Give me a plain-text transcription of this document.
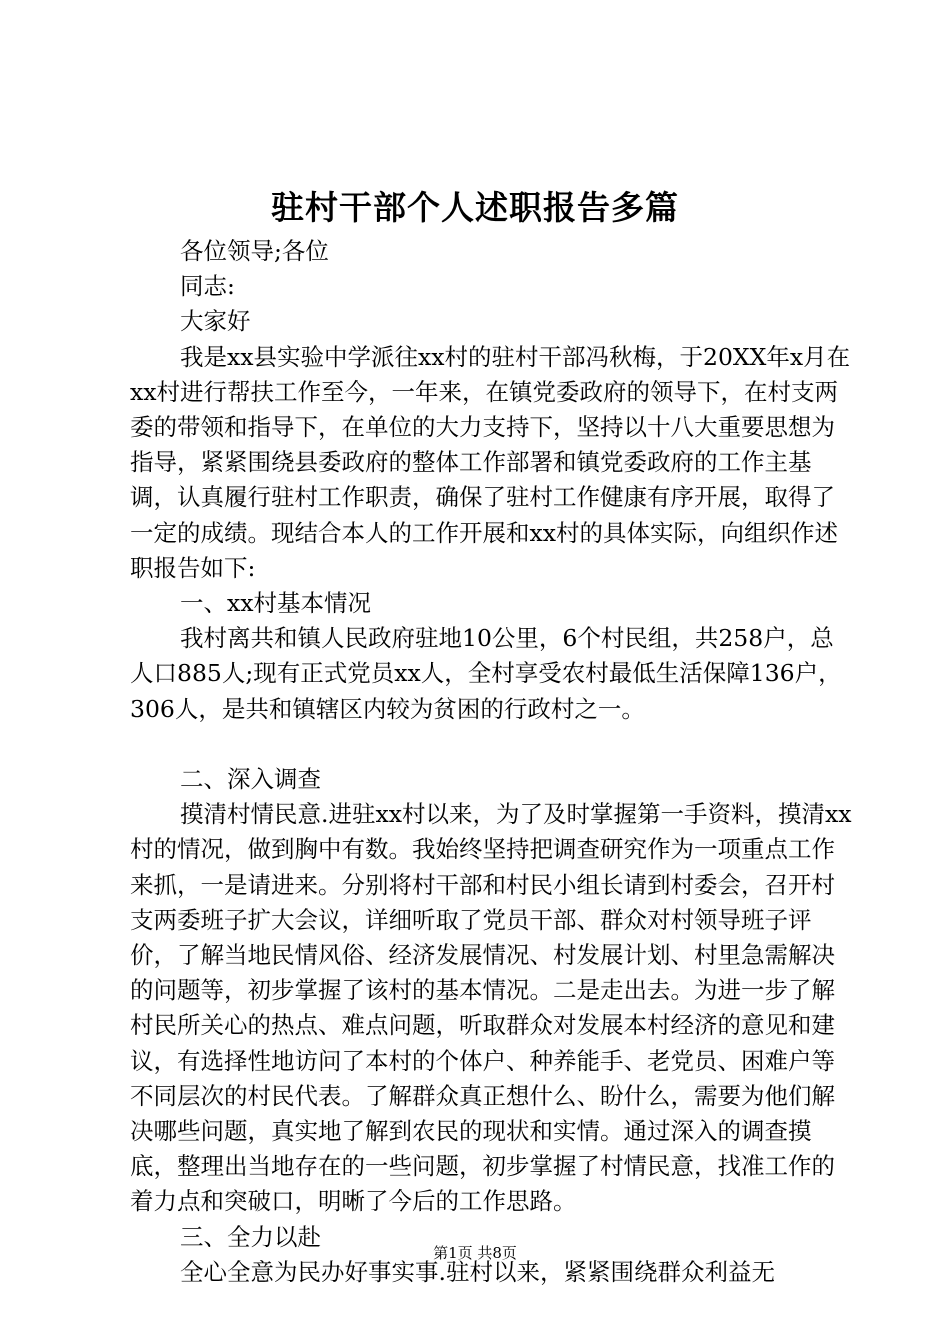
驻村干部个人述职报告多篇

各位领导;各位

同志:

大家好

我是xx县实验中学派往xx村的驻村干部冯秋梅，于20XX年x月在xx村进行帮扶工作至今，一年来，在镇党委政府的领导下，在村支两委的带领和指导下，在单位的大力支持下，坚持以十八大重要思想为指导，紧紧围绕县委政府的整体工作部署和镇党委政府的工作主基调，认真履行驻村工作职责，确保了驻村工作健康有序开展，取得了一定的成绩。现结合本人的工作开展和xx村的具体实际，向组织作述职报告如下:

一、xx村基本情况

我村离共和镇人民政府驻地10公里，6个村民组，共258户，总人口885人;现有正式党员xx人，全村享受农村最低生活保障136户，306人，是共和镇辖区内较为贫困的行政村之一。

二、深入调查

摸清村情民意.进驻xx村以来，为了及时掌握第一手资料，摸清xx村的情况，做到胸中有数。我始终坚持把调查研究作为一项重点工作来抓，一是请进来。分别将村干部和村民小组长请到村委会，召开村支两委班子扩大会议，详细听取了党员干部、群众对村领导班子评价，了解当地民情风俗、经济发展情况、村发展计划、村里急需解决的问题等，初步掌握了该村的基本情况。二是走出去。为进一步了解村民所关心的热点、难点问题，听取群众对发展本村经济的意见和建议，有选择性地访问了本村的个体户、种养能手、老党员、困难户等不同层次的村民代表。了解群众真正想什么、盼什么，需要为他们解决哪些问题，真实地了解到农民的现状和实情。通过深入的调查摸底，整理出当地存在的一些问题，初步掌握了村情民意，找准工作的着力点和突破口，明晰了今后的工作思路。

三、全力以赴

全心全意为民办好事实事.驻村以来，紧紧围绕群众利益无

第1页 共8页
